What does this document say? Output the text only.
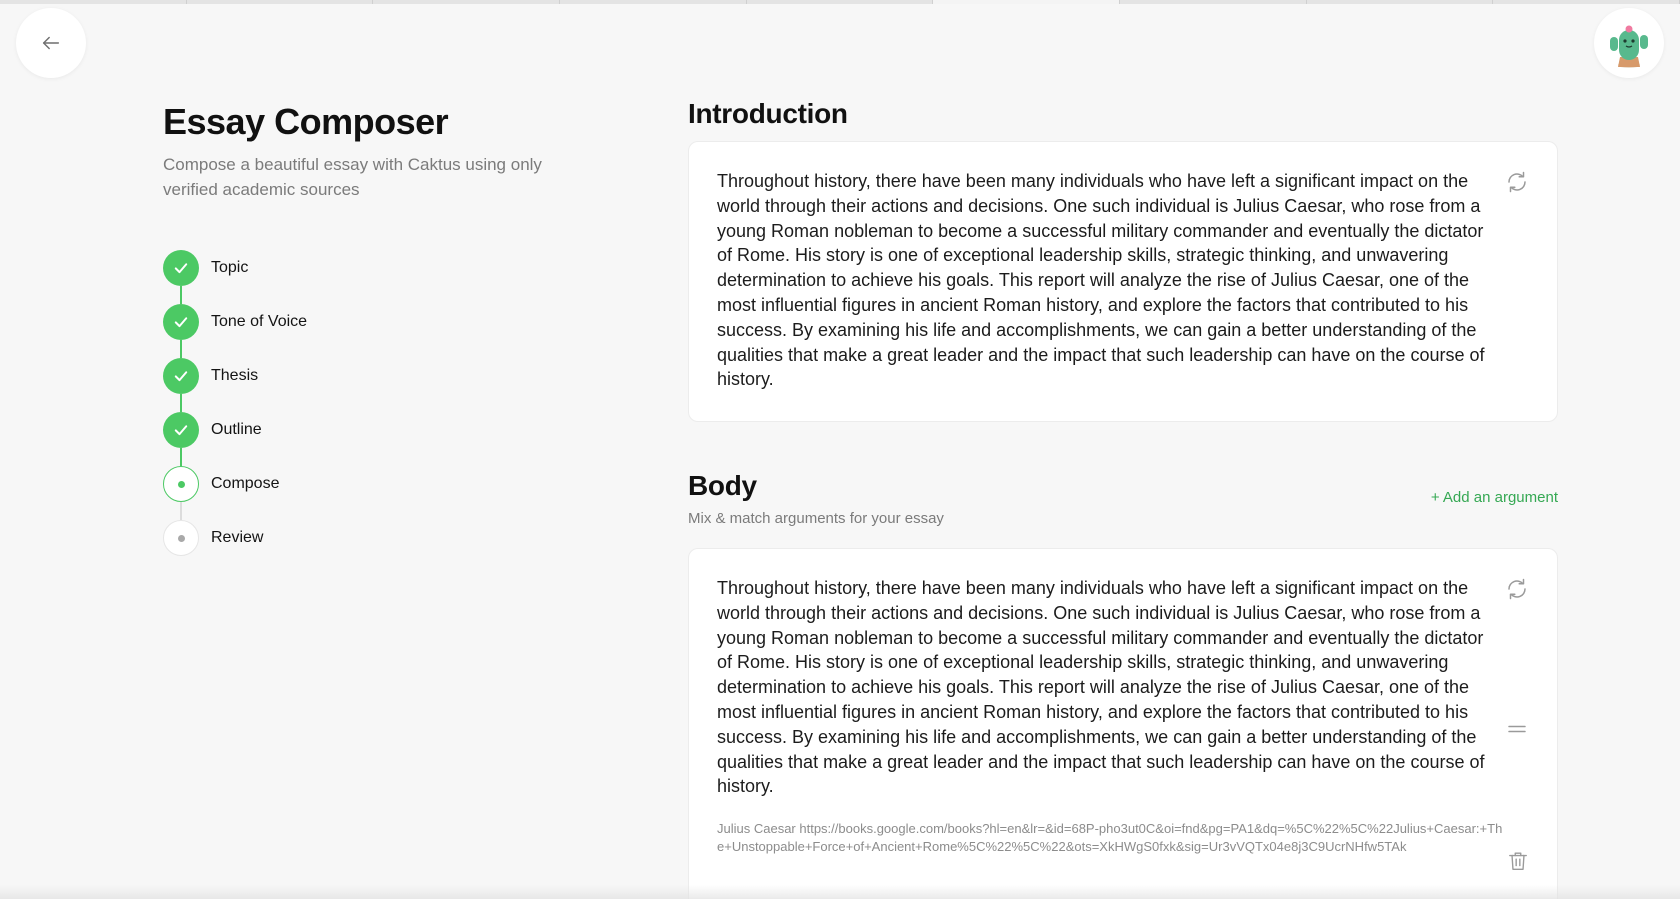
Essay Composer

Compose a beautiful essay with Caktus using only verified academic sources

Topic
Tone of Voice
Thesis
Outline
Compose
Review
Introduction

Throughout history, there have been many individuals who have left a significant impact on the world through their actions and decisions. One such individual is Julius Caesar, who rose from a young Roman nobleman to become a successful military commander and eventually the dictator of Rome. His story is one of exceptional leadership skills, strategic thinking, and unwavering determination to achieve his goals. This report will analyze the rise of Julius Caesar, one of the most influential figures in ancient Roman history, and explore the factors that contributed to his success. By examining his life and accomplishments, we can gain a better understanding of the qualities that make a great leader and the impact that such leadership can have on the course of history.

Body	+ Add an argument
Mix & match arguments for your essay

Throughout history, there have been many individuals who have left a significant impact on the world through their actions and decisions. One such individual is Julius Caesar, who rose from a young Roman nobleman to become a successful military commander and eventually the dictator of Rome. His story is one of exceptional leadership skills, strategic thinking, and unwavering determination to achieve his goals. This report will analyze the rise of Julius Caesar, one of the most influential figures in ancient Roman history, and explore the factors that contributed to his success. By examining his life and accomplishments, we can gain a better understanding of the qualities that make a great leader and the impact that such leadership can have on the course of history.

Julius Caesar https://books.google.com/books?hl=en&lr=&id=68P-pho3ut0C&oi=fnd&pg=PA1&dq=%5C%22%5C%22Julius+Caesar:+The+Unstoppable+Force+of+Ancient+Rome%5C%22%5C%22&ots=XkHWgS0fxk&sig=Ur3vVQTx04e8j3C9UcrNHfw5TAk
